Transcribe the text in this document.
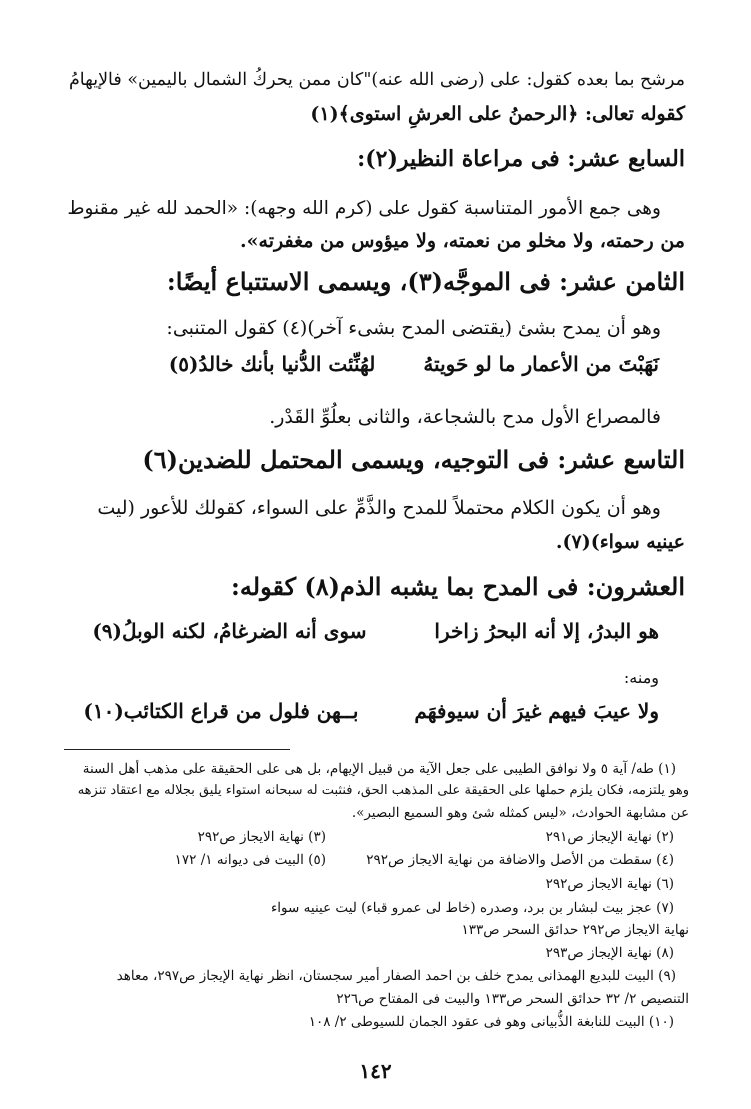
مرشح بما بعده كقول: على (رضى الله عنه)"كان ممن يحركُ الشمال باليمين» فالإيهامُ
كقوله تعالى: ﴿الرحمنُ على العرشِ استوى﴾(١)
السابع عشر: فى مراعاة النظير(٢):
وهى جمع الأمور المتناسبة كقول على (كرم الله وجهه): «الحمد لله غير مقنوط
من رحمته، ولا مخلو من نعمته، ولا ميؤوس من مغفرته».
الثامن عشر: فى الموجَّه(٣)، ويسمى الاستتباع أيضًا:
وهو أن يمدح بشئ (يقتضى المدح بشىء آخر)(٤) كقول المتنبى:
نَهَبْتَ من الأعمار ما لو حَويتهُ  لهُنِّئت الدُّنيا بأنك خالدُ(٥)
فالمصراع الأول مدح بالشجاعة، والثانى بعلُوِّ القَدْر.
التاسع عشر: فى التوجيه، ويسمى المحتمل للضدين(٦)
وهو أن يكون الكلام محتملاً للمدح والذَّمِّ على السواء، كقولك للأعور (ليت
عينيه سواء)(٧).
العشرون: فى المدح بما يشبه الذم(٨) كقوله:
هو البدرُ، إلا أنه البحرُ زاخرا  سوى أنه الضرغامُ، لكنه الوبلُ(٩)
ومنه:
ولا عيبَ فيهم غيرَ أن سيوفهَم  بــهن فلول من قراع الكتائب(١٠)
(١) طه/ آية ٥ ولا نوافق الطيبى على جعل الآية من قبيل الإيهام، بل هى على الحقيقة على مذهب أهل السنة
وهو يلتزمه، فكان يلزم حملها على الحقيقة على المذهب الحق، فنثبت له سبحانه استواء يليق بجلاله مع اعتقاد تنزهه
عن مشابهة الحوادث، «ليس كمثله شئ وهو السميع البصير».
(٢) نهاية الإيجاز ص٢٩١
(٣) نهاية الايجاز ص٢٩٢
(٤) سقطت من الأصل والاضافة من نهاية الايجاز ص٢٩٢
(٥) البيت فى ديوانه ١/ ١٧٢
(٦) نهاية الايجاز ص٢٩٢
(٧) عجز بيت لبشار بن برد، وصدره (خاط لى عمرو قباء) ليت عينيه سواء
نهاية الايجاز ص٢٩٢ حدائق السحر ص١٣٣
(٨) نهاية الإيجاز ص٢٩٣
(٩) البيت للبديع الهمذانى يمدح خلف بن احمد الصفار أمير سجستان، انظر نهاية الإيجاز ص٢٩٧، معاهد
التنصيص ٢/ ٣٢ حدائق السحر ص١٣٣ والبيت فى المفتاح ص٢٢٦
(١٠) البيت للنابغة الذُّبيانى وهو فى عقود الجمان للسيوطى ٢/ ١٠٨
١٤٢
